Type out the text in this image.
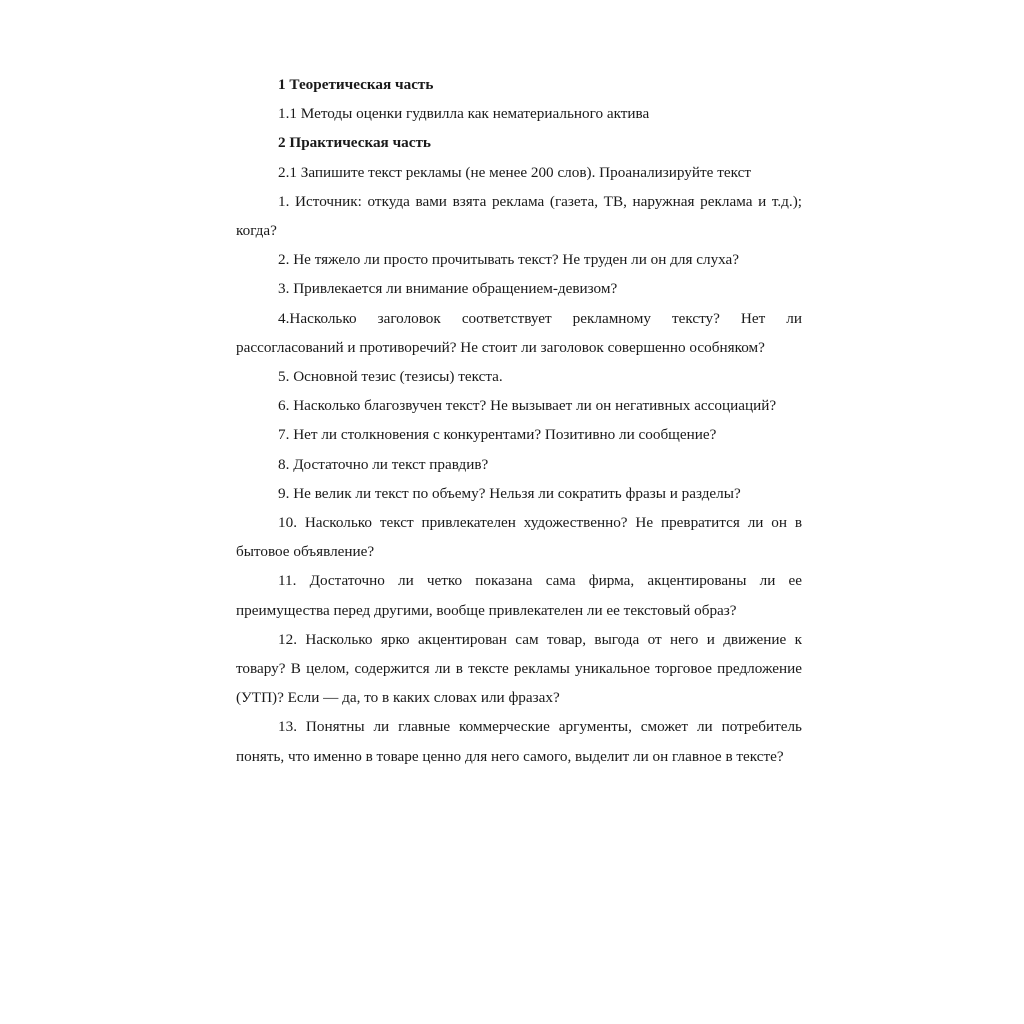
1 Теоретическая часть

1.1 Методы оценки гудвилла как нематериального актива

2 Практическая часть

2.1 Запишите текст рекламы (не менее 200 слов). Проанализируйте текст

1. Источник: откуда вами взята реклама (газета, ТВ, наружная реклама и т.д.); когда?

2. Не тяжело ли просто прочитывать текст? Не труден ли он для слуха?

3. Привлекается ли внимание обращением-девизом?

4.Насколько заголовок соответствует рекламному тексту? Нет ли рассогласований и противоречий? Не стоит ли заголовок совершенно особняком?

5. Основной тезис (тезисы) текста.

6. Насколько благозвучен текст? Не вызывает ли он негативных ассоциаций?

7. Нет ли столкновения с конкурентами? Позитивно ли сообщение?

8. Достаточно ли текст правдив?

9. Не велик ли текст по объему? Нельзя ли сократить фразы и разделы?

10. Насколько текст привлекателен художественно? Не превратится ли он в бытовое объявление?

11. Достаточно ли четко показана сама фирма, акцентированы ли ее преимущества перед другими, вообще привлекателен ли ее текстовый образ?

12. Насколько ярко акцентирован сам товар, выгода от него и движение к товару? В целом, содержится ли в тексте рекламы уникальное торговое предложение (УТП)? Если — да, то в каких словах или фразах?

13. Понятны ли главные коммерческие аргументы, сможет ли потребитель понять, что именно в товаре ценно для него самого, выделит ли он главное в тексте?
